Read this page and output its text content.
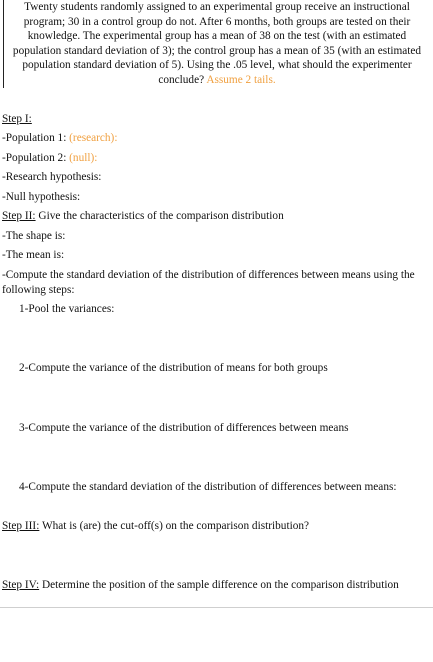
Twenty students randomly assigned to an experimental group receive an instructional program; 30 in a control group do not. After 6 months, both groups are tested on their knowledge. The experimental group has a mean of 38 on the test (with an estimated population standard deviation of 3); the control group has a mean of 35 (with an estimated population standard deviation of 5). Using the .05 level, what should the experimenter conclude? Assume 2 tails.
Step I:
-Population 1: (research):
-Population 2: (null):
-Research hypothesis:
-Null hypothesis:
Step II: Give the characteristics of the comparison distribution
-The shape is:
-The mean is:
-Compute the standard deviation of the distribution of differences between means using the following steps:
1-Pool the variances:
2-Compute the variance of the distribution of means for both groups
3-Compute the variance of the distribution of differences between means
4-Compute the standard deviation of the distribution of differences between means:
Step III: What is (are) the cut-off(s) on the comparison distribution?
Step IV: Determine the position of the sample difference on the comparison distribution
